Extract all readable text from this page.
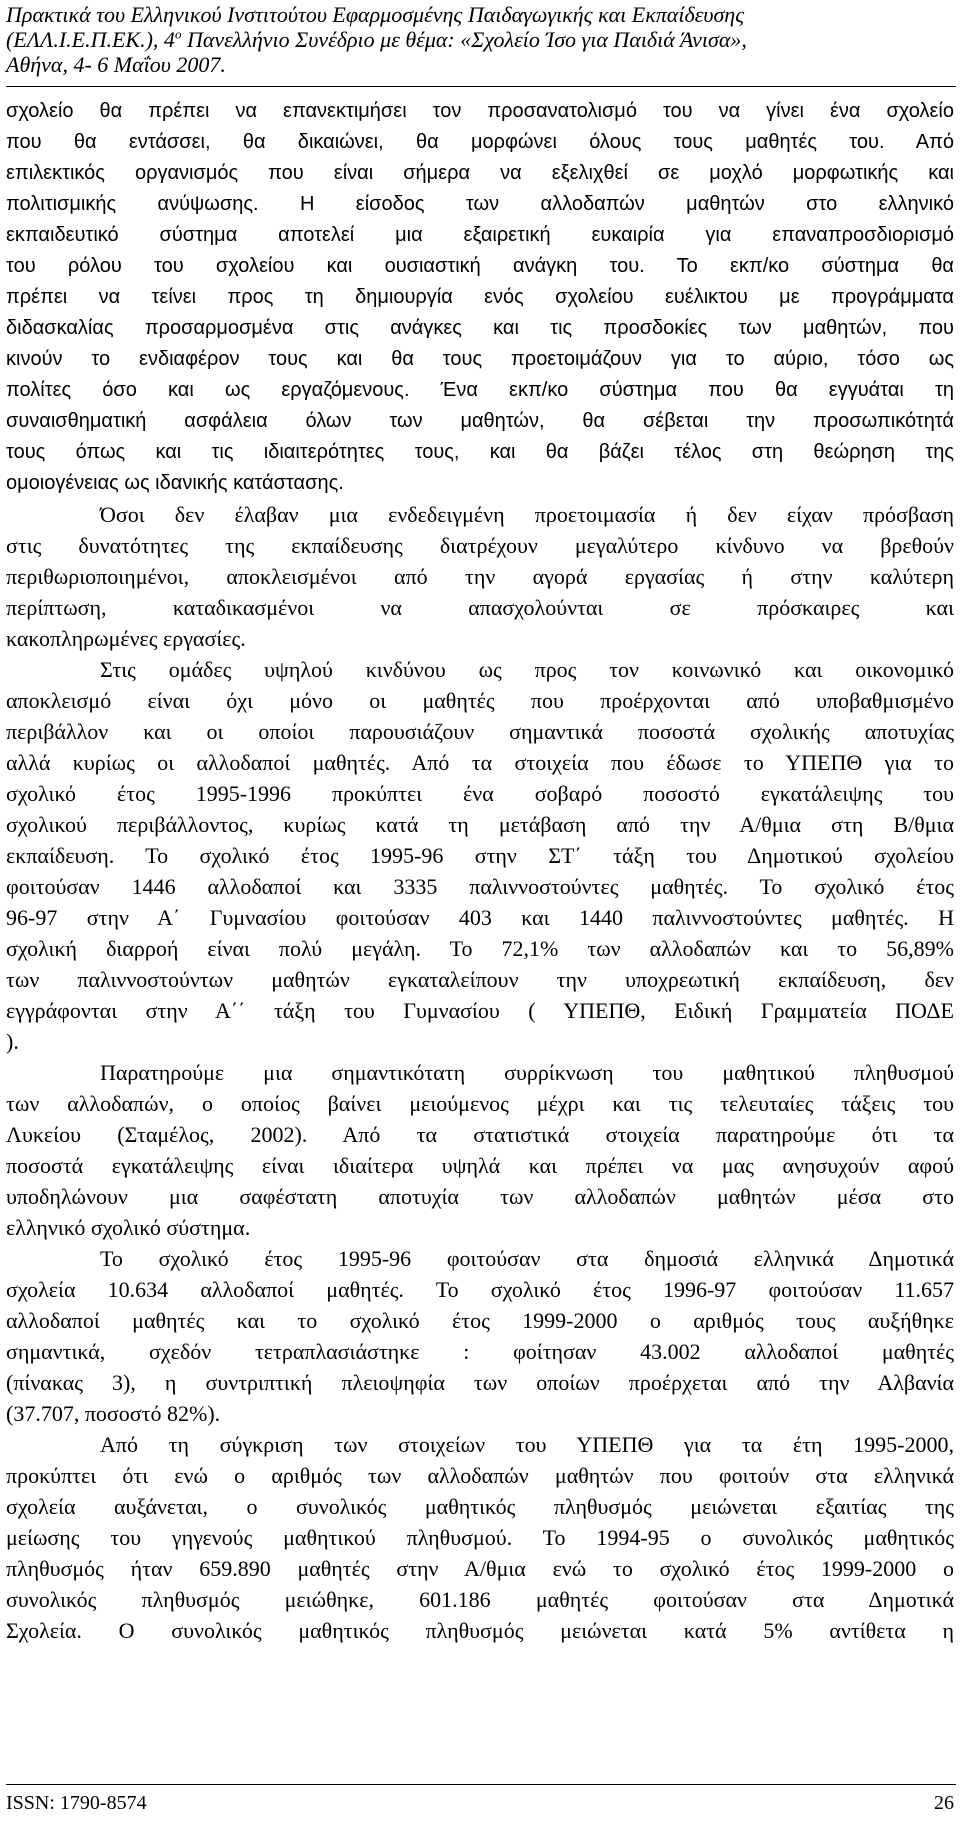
Πρακτικά του Ελληνικού Ινστιτούτου Εφαρμοσμένης Παιδαγωγικής και Εκπαίδευσης
(ΕΛΛ.Ι.Ε.Π.ΕΚ.), $4^o$ Πανελλήνιο Συνέδριο με θέμα: «Σχολείο Ίσο για Παιδιά Άνισα»,
Αθήνα, 4- 6 Μαΐου 2007.
σχολείο θα πρέπει να επανεκτιμήσει τον προσανατολισμό του να γίνει ένα σχολείο
που θα εντάσσει, θα δικαιώνει, θα μορφώνει όλους τους μαθητές του. Από
επιλεκτικός οργανισμός που είναι σήμερα να εξελιχθεί σε μοχλό μορφωτικής και
πολιτισμικής ανύψωσης. Η είσοδος των αλλοδαπών μαθητών στο ελληνικό
εκπαιδευτικό σύστημα αποτελεί μια εξαιρετική ευκαιρία για επαναπροσδιορισμό
του ρόλου του σχολείου και ουσιαστική ανάγκη του. Το εκπ/κο σύστημα θα
πρέπει να τείνει προς τη δημιουργία ενός σχολείου ευέλικτου με προγράμματα
διδασκαλίας προσαρμοσμένα στις ανάγκες και τις προσδοκίες των μαθητών, που
κινούν το ενδιαφέρον τους και θα τους προετοιμάζουν για το αύριο, τόσο ως
πολίτες όσο και ως εργαζόμενους. Ένα εκπ/κο σύστημα που θα εγγυάται τη
συναισθηματική ασφάλεια όλων των μαθητών, θα σέβεται την προσωπικότητά
τους όπως και τις ιδιαιτερότητες τους, και θα βάζει τέλος στη θεώρηση της
ομοιογένειας ως ιδανικής κατάστασης.
Όσοι δεν έλαβαν μια ενδεδειγμένη προετοιμασία ή δεν είχαν πρόσβαση
στις δυνατότητες της εκπαίδευσης διατρέχουν μεγαλύτερο κίνδυνο να βρεθούν
περιθωριοποιημένοι, αποκλεισμένοι από την αγορά εργασίας ή στην καλύτερη
περίπτωση, καταδικασμένοι να απασχολούνται σε πρόσκαιρες και
κακοπληρωμένες εργασίες.
Στις ομάδες υψηλού κινδύνου ως προς τον κοινωνικό και οικονομικό
αποκλεισμό είναι όχι μόνο οι μαθητές που προέρχονται από υποβαθμισμένο
περιβάλλον και οι οποίοι παρουσιάζουν σημαντικά ποσοστά σχολικής αποτυχίας
αλλά κυρίως οι αλλοδαποί μαθητές. Από τα στοιχεία που έδωσε το ΥΠΕΠΘ για το
σχολικό έτος 1995-1996 προκύπτει ένα σοβαρό ποσοστό εγκατάλειψης του
σχολικού περιβάλλοντος, κυρίως κατά τη μετάβαση από την Α/θμια στη Β/θμια
εκπαίδευση. Το σχολικό έτος 1995-96 στην ΣΤ΄ τάξη του Δημοτικού σχολείου
φοιτούσαν 1446 αλλοδαποί και 3335 παλιννοστούντες μαθητές. Το σχολικό έτος
96-97 στην Α΄ Γυμνασίου φοιτούσαν 403 και 1440 παλιννοστούντες μαθητές. Η
σχολική διαρροή είναι πολύ μεγάλη. Το 72,1% των αλλοδαπών και το 56,89%
των παλιννοστούντων μαθητών εγκαταλείπουν την υποχρεωτική εκπαίδευση, δεν
εγγράφονται στην Α΄΄ τάξη του Γυμνασίου ( ΥΠΕΠΘ, Ειδική Γραμματεία ΠΟΔΕ
).
Παρατηρούμε μια σημαντικότατη συρρίκνωση του μαθητικού πληθυσμού
των αλλοδαπών, ο οποίος βαίνει μειούμενος μέχρι και τις τελευταίες τάξεις του
Λυκείου (Σταμέλος, 2002). Από τα στατιστικά στοιχεία παρατηρούμε ότι τα
ποσοστά εγκατάλειψης είναι ιδιαίτερα υψηλά και πρέπει να μας ανησυχούν αφού
υποδηλώνουν μια σαφέστατη αποτυχία των αλλοδαπών μαθητών μέσα στο
ελληνικό σχολικό σύστημα.
Το σχολικό έτος 1995-96 φοιτούσαν στα δημοσιά ελληνικά Δημοτικά
σχολεία 10.634 αλλοδαποί μαθητές. Το σχολικό έτος 1996-97 φοιτούσαν 11.657
αλλοδαποί μαθητές και το σχολικό έτος 1999-2000 ο αριθμός τους αυξήθηκε
σημαντικά, σχεδόν τετραπλασιάστηκε : φοίτησαν 43.002 αλλοδαποί μαθητές
(πίνακας 3), η συντριπτική πλειοψηφία των οποίων προέρχεται από την Αλβανία
(37.707, ποσοστό 82%).
Από τη σύγκριση των στοιχείων του ΥΠΕΠΘ για τα έτη 1995-2000,
προκύπτει ότι ενώ ο αριθμός των αλλοδαπών μαθητών που φοιτούν στα ελληνικά
σχολεία αυξάνεται, ο συνολικός μαθητικός πληθυσμός μειώνεται εξαιτίας της
μείωσης του γηγενούς μαθητικού πληθυσμού. Το 1994-95 ο συνολικός μαθητικός
πληθυσμός ήταν 659.890 μαθητές στην Α/θμια ενώ το σχολικό έτος 1999-2000 ο
συνολικός πληθυσμός μειώθηκε, 601.186 μαθητές φοιτούσαν στα Δημοτικά
Σχολεία. Ο συνολικός μαθητικός πληθυσμός μειώνεται κατά 5% αντίθετα η
ISSN: 1790-8574	26
